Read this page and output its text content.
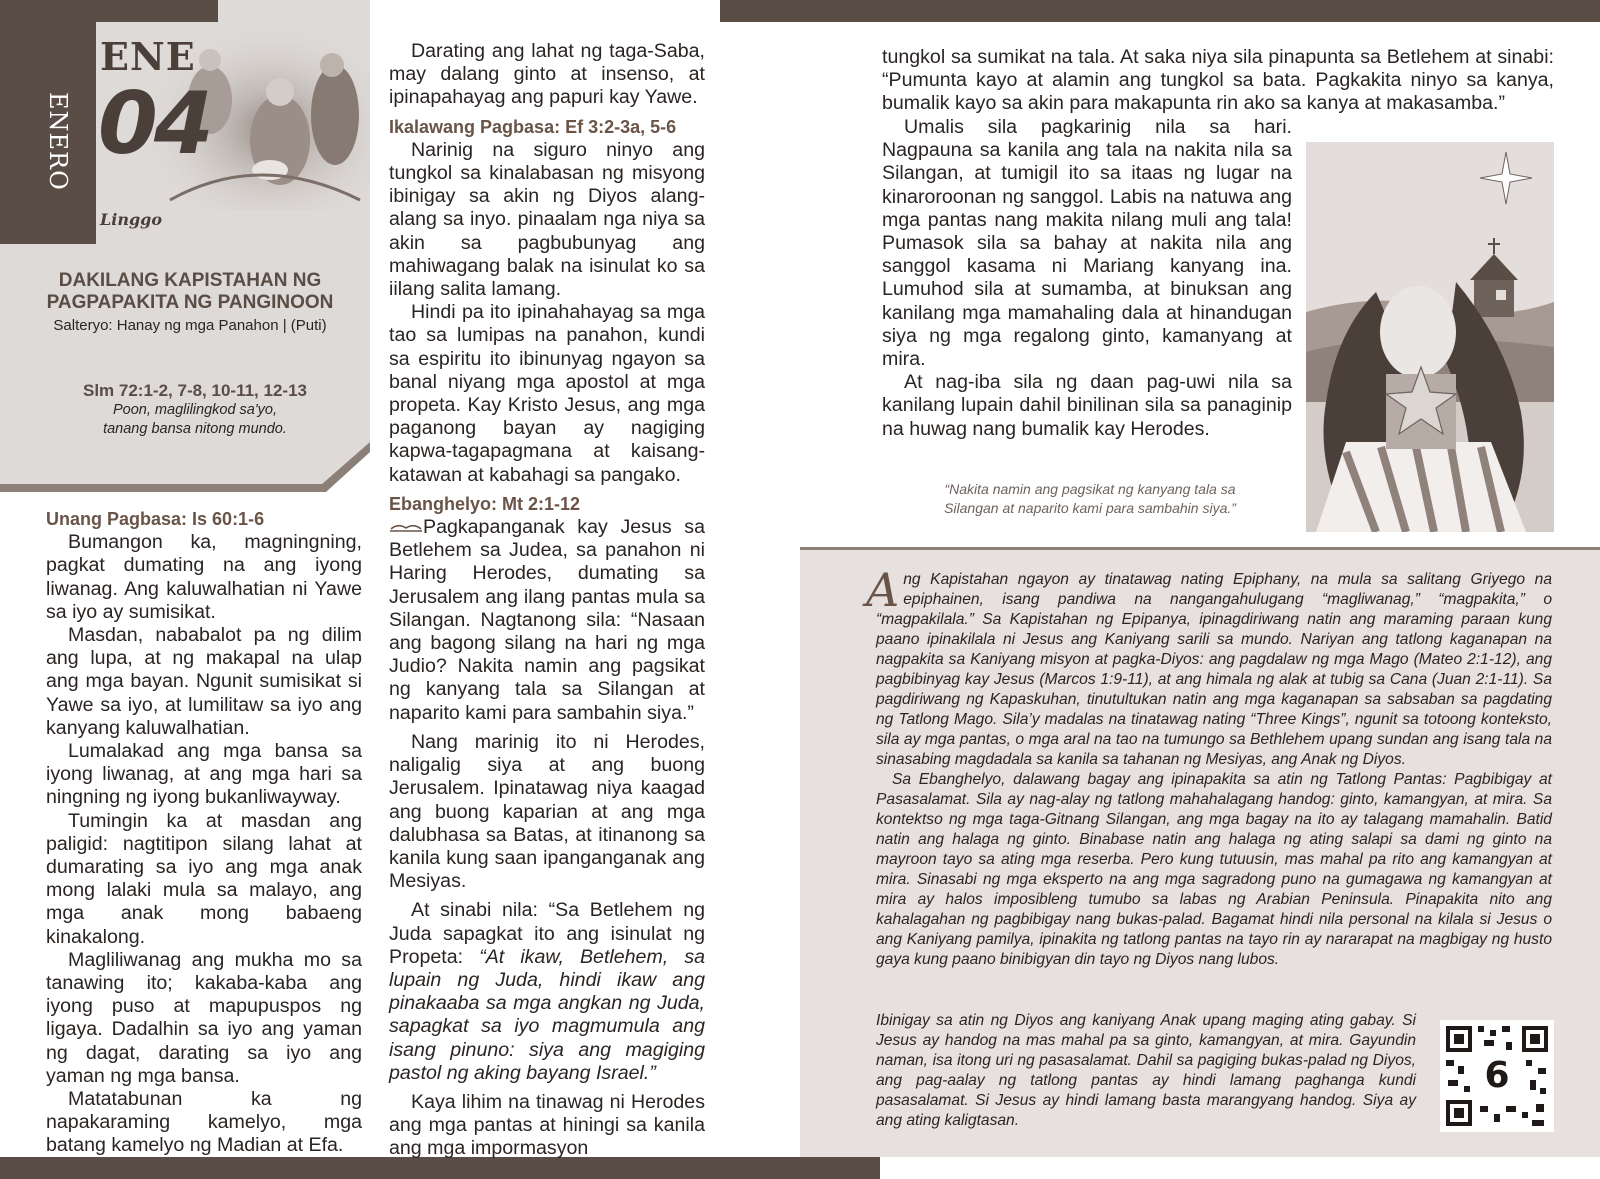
ENE
04
Linggo
ENERO
DAKILANG KAPISTAHAN NG
PAGPAPAKITA NG PANGINOON
Salteryo: Hanay ng mga Panahon | (Puti)
Slm 72:1-2, 7-8, 10-11, 12-13
Poon, maglilingkod sa'yo,
tanang bansa nitong mundo.
Unang Pagbasa: Is 60:1-6

Bumangon ka, magningning, pagkat dumating na ang iyong liwanag. Ang kaluwalhatian ni Yawe sa iyo ay sumisikat.

Masdan, nababalot pa ng dilim ang lupa, at ng makapal na ulap ang mga bayan. Ngunit sumisikat si Yawe sa iyo, at lumilitaw sa iyo ang kanyang kaluwalhatian.

Lumalakad ang mga bansa sa iyong liwanag, at ang mga hari sa ningning ng iyong bukanliwayway.

Tumingin ka at masdan ang paligid: nagtitipon silang lahat at dumarating sa iyo ang mga anak mong lalaki mula sa malayo, ang mga anak mong babaeng kinakalong.

Magliliwanag ang mukha mo sa tanawing ito; kakaba-kaba ang iyong puso at mapupuspos ng ligaya. Dadalhin sa iyo ang yaman ng dagat, darating sa iyo ang yaman ng mga bansa.

Matatabunan ka ng napakaraming kamelyo, mga batang kamelyo ng Madian at Efa.

Darating ang lahat ng taga-Saba, may dalang ginto at insenso, at ipinapahayag ang papuri kay Yawe.

Ikalawang Pagbasa: Ef 3:2-3a, 5-6

Narinig na siguro ninyo ang tungkol sa kinalabasan ng misyong ibinigay sa akin ng Diyos alang-alang sa inyo. pinaalam nga niya sa akin sa pagbubunyag ang mahiwagang balak na isinulat ko sa iilang salita lamang.

Hindi pa ito ipinahahayag sa mga tao sa lumipas na panahon, kundi sa espiritu ito ibinunyag ngayon sa banal niyang mga apostol at mga propeta. Kay Kristo Jesus, ang mga paganong bayan ay nagiging kapwa-tagapagmana at kaisang-katawan at kabahagi sa pangako.

Ebanghelyo: Mt 2:1-12

Pagkapanganak kay Jesus sa Betlehem sa Judea, sa panahon ni Haring Herodes, dumating sa Jerusalem ang ilang pantas mula sa Silangan. Nagtanong sila: “Nasaan ang bagong silang na hari ng mga Judio? Nakita namin ang pagsikat ng kanyang tala sa Silangan at naparito kami para sambahin siya.”

Nang marinig ito ni Herodes, naligalig siya at ang buong Jerusalem. Ipinatawag niya kaagad ang buong kaparian at ang mga dalubhasa sa Batas, at itinanong sa kanila kung saan ipanganganak ang Mesiyas.

At sinabi nila: “Sa Betlehem ng Juda sapagkat ito ang isinulat ng Propeta: “At ikaw, Betlehem, sa lupain ng Juda, hindi ikaw ang pinakaaba sa mga angkan ng Juda, sapagkat sa iyo magmumula ang isang pinuno: siya ang magiging pastol ng aking bayang Israel.”

Kaya lihim na tinawag ni Herodes ang mga pantas at hiningi sa kanila ang mga impormasyon

tungkol sa sumikat na tala. At saka niya sila pinapunta sa Betlehem at sinabi: “Pumunta kayo at alamin ang tungkol sa bata. Pagkakita ninyo sa kanya, bumalik kayo sa akin para makapunta rin ako sa kanya at makasamba.”

Umalis sila pagkarinig nila sa hari. Nagpauna sa kanila ang tala na nakita nila sa Silangan, at tumigil ito sa itaas ng lugar na kinaroroonan ng sanggol. Labis na natuwa ang mga pantas nang makita nilang muli ang tala! Pumasok sila sa bahay at nakita nila ang sanggol kasama ni Mariang kanyang ina. Lumuhod sila at sumamba, at binuksan ang kanilang mga mamahaling dala at hinandugan siya ng mga regalong ginto, kamanyang at mira.

At nag-iba sila ng daan pag-uwi nila sa kanilang lupain dahil binilinan sila sa panaginip na huwag nang bumalik kay Herodes.

“Nakita namin ang pagsikat ng kanyang tala sa
Silangan at naparito kami para sambahin siya.”

Ang Kapistahan ngayon ay tinatawag nating Epiphany, na mula sa salitang Griyego na epiphainen, isang pandiwa na nangangahulugang “magliwanag,” “magpakita,” o “magpakilala.” Sa Kapistahan ng Epipanya, ipinagdiriwang natin ang maraming paraan kung paano ipinakilala ni Jesus ang Kaniyang sarili sa mundo. Nariyan ang tatlong kaganapan na nagpakita sa Kaniyang misyon at pagka-Diyos: ang pagdalaw ng mga Mago (Mateo 2:1-12), ang pagbibinyag kay Jesus (Marcos 1:9-11), at ang himala ng alak at tubig sa Cana (Juan 2:1-11). Sa pagdiriwang ng Kapaskuhan, tinutultukan natin ang mga kaganapan sa sabsaban sa pagdating ng Tatlong Mago. Sila’y madalas na tinatawag nating “Three Kings”, ngunit sa totoong konteksto, sila ay mga pantas, o mga aral na tao na tumungo sa Bethlehem upang sundan ang isang tala na sinasabing magdadala sa kanila sa tahanan ng Mesiyas, ang Anak ng Diyos.

Sa Ebanghelyo, dalawang bagay ang ipinapakita sa atin ng Tatlong Pantas: Pagbibigay at Pasasalamat. Sila ay nag-alay ng tatlong mahahalagang handog: ginto, kamangyan, at mira. Sa kontektso ng mga taga-Gitnang Silangan, ang mga bagay na ito ay talagang mamahalin. Batid natin ang halaga ng ginto. Binabase natin ang halaga ng ating salapi sa dami ng ginto na mayroon tayo sa ating mga reserba. Pero kung tutuusin, mas mahal pa rito ang kamangyan at mira. Sinasabi ng mga eksperto na ang mga sagradong puno na gumagawa ng kamangyan at mira ay halos imposibleng tumubo sa labas ng Arabian Peninsula. Pinapakita nito ang kahalagahan ng pagbibigay nang bukas-palad. Bagamat hindi nila personal na kilala si Jesus o ang Kaniyang pamilya, ipinakita ng tatlong pantas na tayo rin ay nararapat na magbigay ng husto gaya kung paano binibigyan din tayo ng Diyos nang lubos.

Ibinigay sa atin ng Diyos ang kaniyang Anak upang maging ating gabay. Si Jesus ay handog na mas mahal pa sa ginto, kamangyan, at mira. Gayundin naman, isa itong uri ng pasasalamat. Dahil sa pagiging bukas-palad ng Diyos, ang pag-aalay ng tatlong pantas ay hindi lamang paghanga kundi pasasalamat. Si Jesus ay hindi lamang basta marangyang handog. Siya ay ang ating kaligtasan.
6
